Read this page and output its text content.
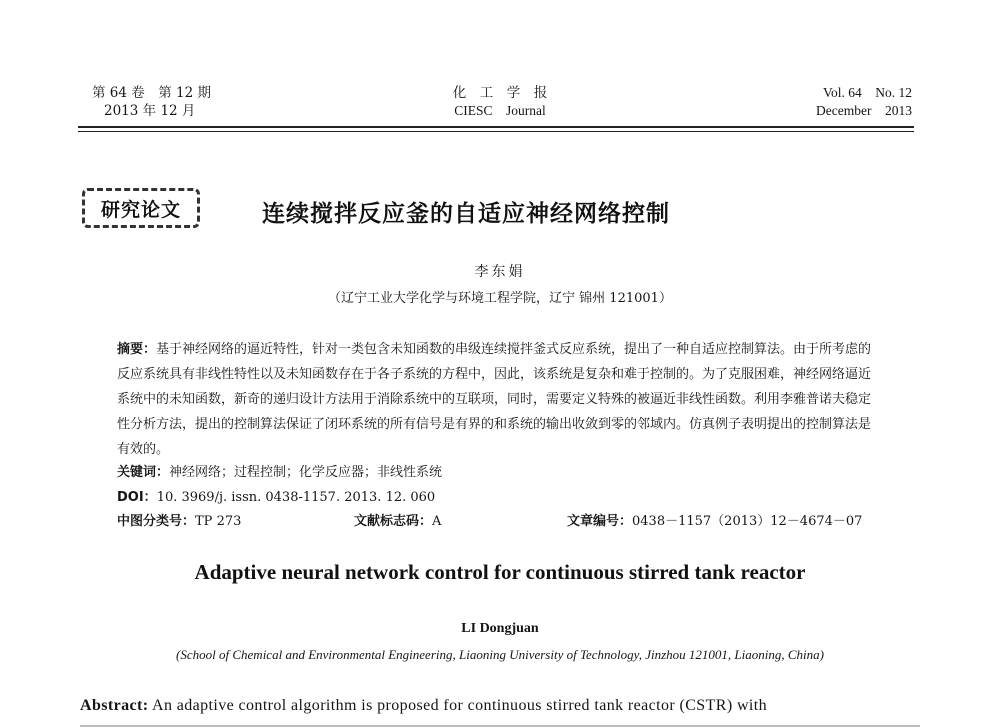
第 64 卷　第 12 期
2013 年 12 月
化　工　学　报
CIESC　Journal
Vol. 64　No. 12
December　2013
研究论文	连续搅拌反应釜的自适应神经网络控制
李东娟
（辽宁工业大学化学与环境工程学院，辽宁 锦州 121001）
摘要：基于神经网络的逼近特性，针对一类包含未知函数的串级连续搅拌釜式反应系统，提出了一种自适应控制算法。由于所考虑的反应系统具有非线性特性以及未知函数存在于各子系统的方程中，因此，该系统是复杂和难于控制的。为了克服困难，神经网络逼近系统中的未知函数，新奇的递归设计方法用于消除系统中的互联项，同时，需要定义特殊的被逼近非线性函数。利用李雅普诺夫稳定性分析方法，提出的控制算法保证了闭环系统的所有信号是有界的和系统的输出收敛到零的邻域内。仿真例子表明提出的控制算法是有效的。
关键词：神经网络；过程控制；化学反应器；非线性系统
DOI：10. 3969/j. issn. 0438-1157. 2013. 12. 060
中图分类号：TP 273	文献标志码：A	文章编号：0438－1157（2013）12－4674－07
Adaptive neural network control for continuous stirred tank reactor
LI Dongjuan
(School of Chemical and Environmental Engineering, Liaoning University of Technology, Jinzhou 121001, Liaoning, China)
Abstract: An adaptive control algorithm is proposed for continuous stirred tank reactor (CSTR) with
